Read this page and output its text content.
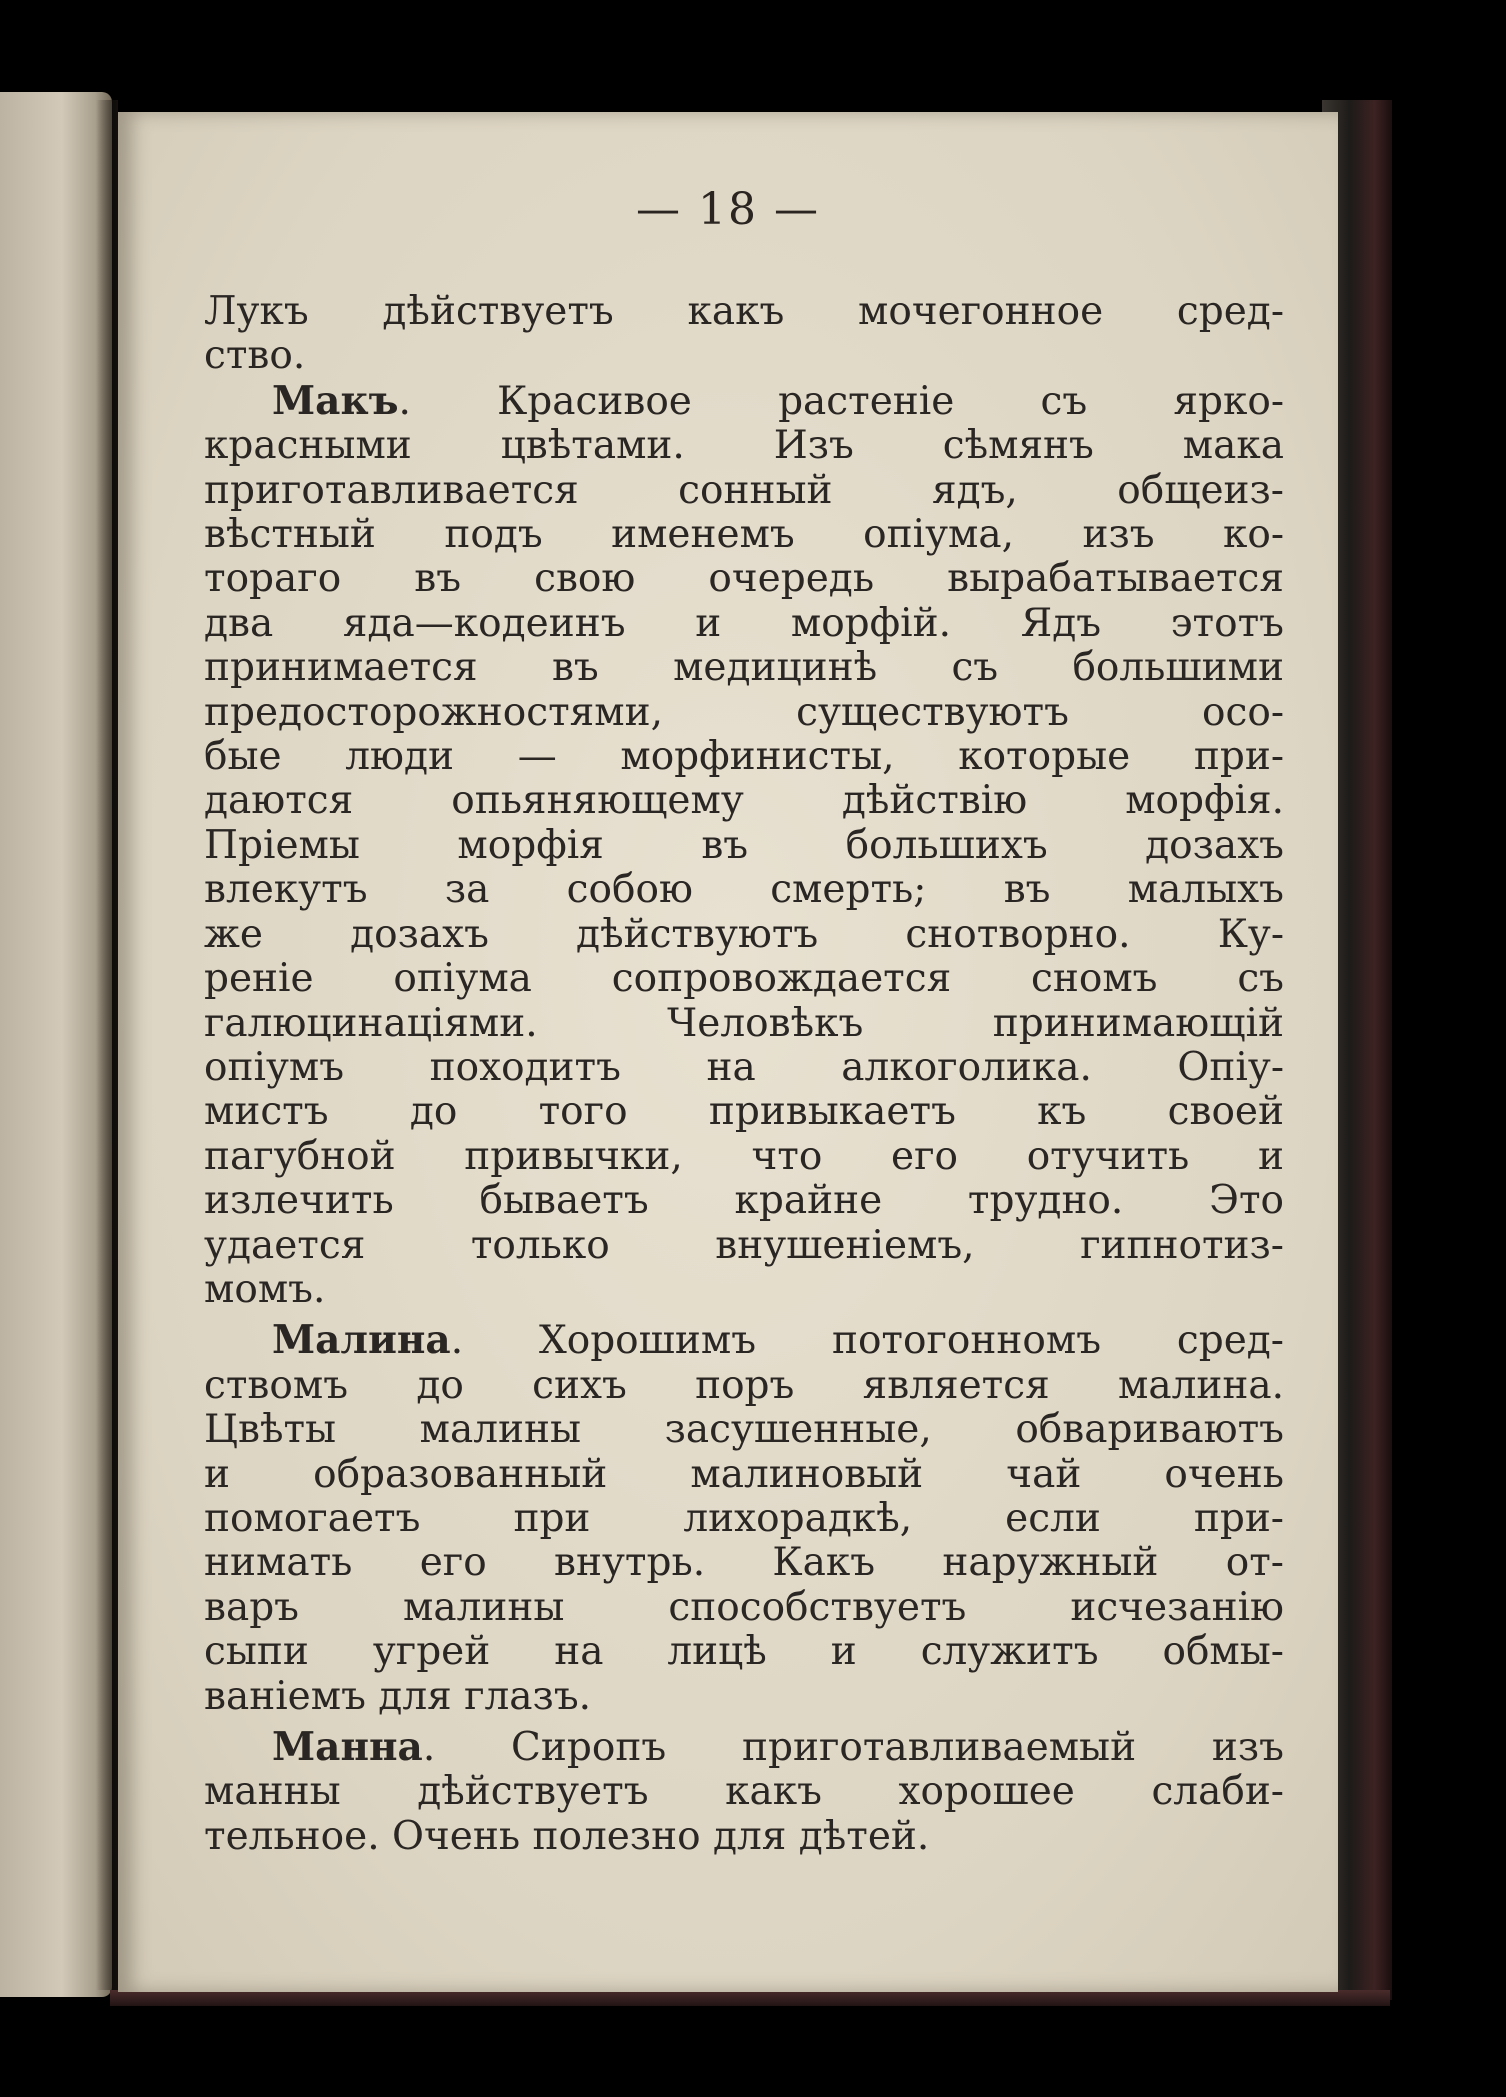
— 18 —
Лукъ дѣйствуетъ какъ мочегонное сред-
ство.
Макъ. Красивое растеніе съ ярко-
красными цвѣтами. Изъ сѣмянъ мака
приготавливается сонный ядъ, общеиз-
вѣстный подъ именемъ опіума, изъ ко-
тораго въ свою очередь вырабатывается
два яда—кодеинъ и морфій. Ядъ этотъ
принимается въ медицинѣ съ большими
предосторожностями, существуютъ осо-
бые люди — морфинисты, которые при-
даются опьяняющему дѣйствію морфія.
Пріемы морфія въ большихъ дозахъ
влекутъ за собою смерть; въ малыхъ
же дозахъ дѣйствуютъ снотворно. Ку-
реніе опіума сопровождается сномъ съ
галюцинаціями. Человѣкъ принимающій
опіумъ походитъ на алкоголика. Опіу-
мистъ до того привыкаетъ къ своей
пагубной привычки, что его отучить и
излечить бываетъ крайне трудно. Это
удается только внушеніемъ, гипнотиз-
момъ.
Малина. Хорошимъ потогонномъ сред-
ствомъ до сихъ поръ является малина.
Цвѣты малины засушенные, обвариваютъ
и образованный малиновый чай очень
помогаетъ при лихорадкѣ, если при-
нимать его внутрь. Какъ наружный от-
варъ малины способствуетъ исчезанію
сыпи угрей на лицѣ и служитъ обмы-
ваніемъ для глазъ.
Манна. Сиропъ приготавливаемый изъ
манны дѣйствуетъ какъ хорошее слаби-
тельное. Очень полезно для дѣтей.
